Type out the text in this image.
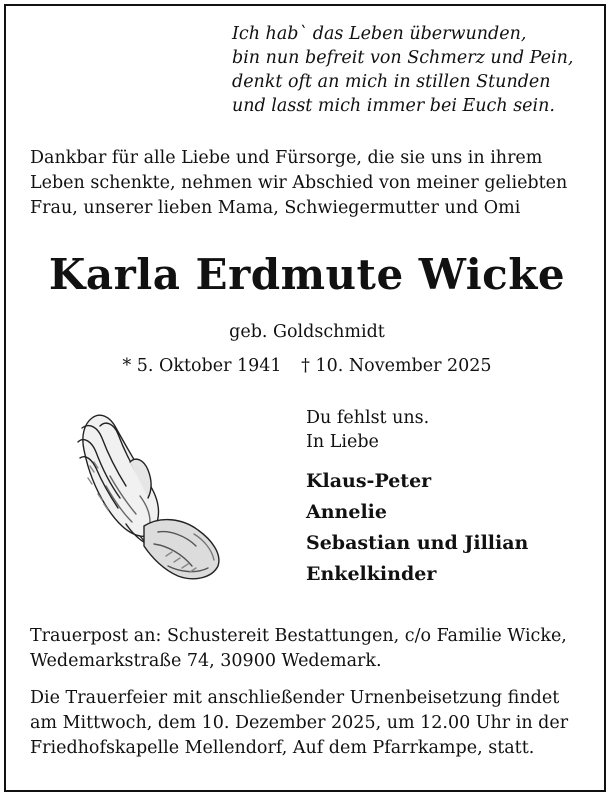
Ich hab` das Leben überwunden,
bin nun befreit von Schmerz und Pein,
denkt oft an mich in stillen Stunden
und lasst mich immer bei Euch sein.
Dankbar für alle Liebe und Fürsorge, die sie uns in ihrem
Leben schenkte, nehmen wir Abschied von meiner geliebten
Frau, unserer lieben Mama, Schwiegermutter und Omi
Karla Erdmute Wicke
geb. Goldschmidt
* 5. Oktober 1941 † 10. November 2025
Du fehlst uns.
In Liebe
Klaus-Peter
Annelie
Sebastian und Jillian
Enkelkinder
Trauerpost an: Schustereit Bestattungen, c/o Familie Wicke,
Wedemarkstraße 74, 30900 Wedemark.
Die Trauerfeier mit anschließender Urnenbeisetzung findet
am Mittwoch, dem 10. Dezember 2025, um 12.00 Uhr in der
Friedhofskapelle Mellendorf, Auf dem Pfarrkampe, statt.
